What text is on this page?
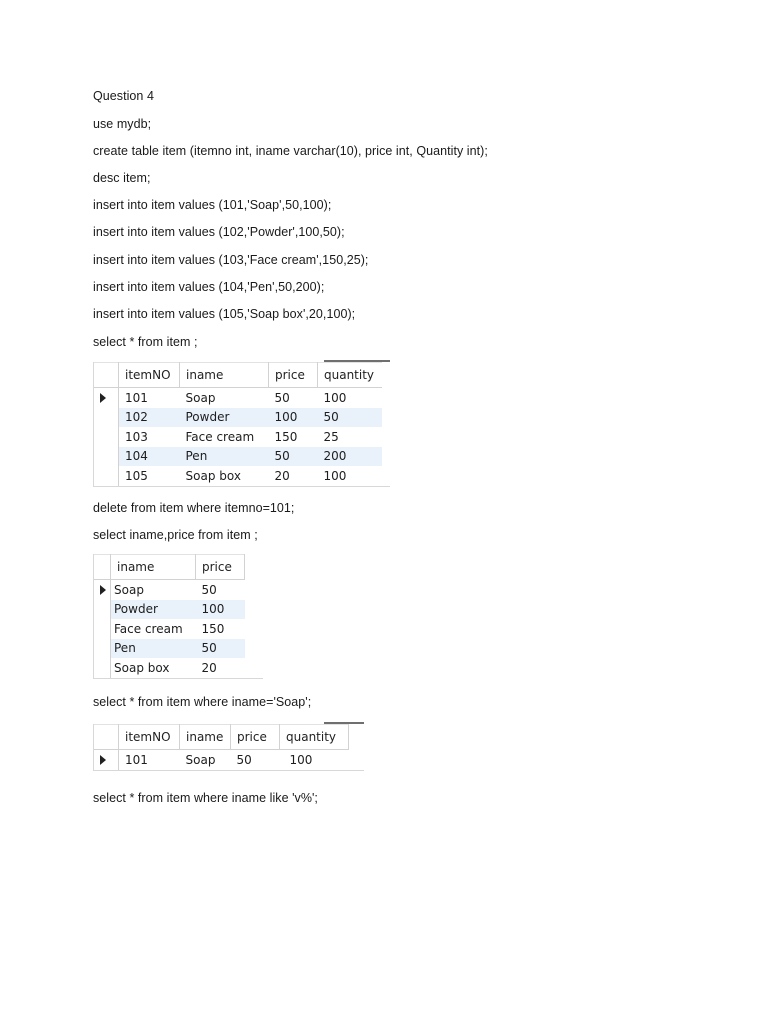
Question 4
use mydb;
create table item (itemno int, iname varchar(10), price int, Quantity int);
desc item;
insert into item values (101,'Soap',50,100);
insert into item values (102,'Powder',100,50);
insert into item values (103,'Face cream',150,25);
insert into item values (104,'Pen',50,200);
insert into item values (105,'Soap box',20,100);
select * from item ;
	itemNO	iname	price	quantity
	101	Soap	50	100
	102	Powder	100	50
	103	Face cream	150	25
	104	Pen	50	200
	105	Soap box	20	100
delete from item where itemno=101;
select iname,price from item ;
	iname	price
	Soap	50
	Powder	100
	Face cream	150
	Pen	50
	Soap box	20
select * from item where iname='Soap';
	itemNO	iname	price	quantity
	101	Soap	50	100
select * from item where iname like 'v%';
